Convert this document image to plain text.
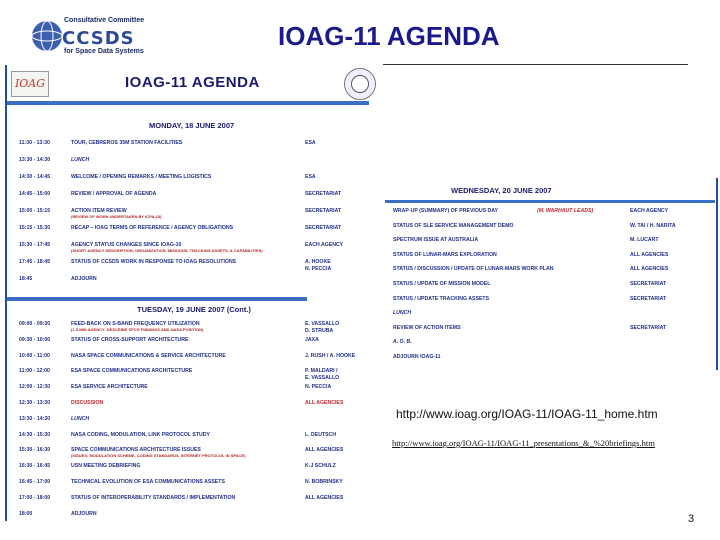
Consultative Committee
CCSDS
for Space Data Systems
IOAG-11 AGENDA
IOAG	IOAG-11 AGENDA
MONDAY, 18 JUNE 2007
11:30 - 13:30	TOUR, CEBREROS 35M STATION FACILITIES	ESA
13:30 - 14:30	LUNCH
14:30 - 14:45	WELCOME / OPENING REMARKS / MEETING LOGISTICS	ESA
14:45 - 15:00	REVIEW / APPROVAL OF AGENDA	SECRETARIAT
15:00 - 15:15	ACTION ITEM REVIEW	SECRETARIAT
(REVIEW OF WORK UNDERTAKEN BY ICPA-10)
15:15 - 15:30	RECAP – IOAG TERMS OF REFERENCE / AGENCY OBLIGATIONS	SECRETARIAT
15:30 - 17:45	AGENCY STATUS CHANGES SINCE IOAG-10	EACH AGENCY
(SHORT AGENCY DESCRIPTION, ORGANIZATION, MISSIONS, TRACKING ASSETS, & CAPABILITIES)
17:45 - 18:45	STATUS OF CCSDS WORK IN RESPONSE TO IOAG RESOLUTIONS	A. HOOKE
N. PECCIA
18:45	ADJOURN
TUESDAY, 19 JUNE 2007 (Cont.)
09:00 - 09:30	FEED-BACK ON S-BAND FREQUENCY UTILIZATION	E. VASSALLO
(1-5 MIN AGENCY: DESCRIBE SFCG FINDINGS AND NASA POSITION)	D. STRUBA
09:30 - 10:00	STATUS OF CROSS-SUPPORT ARCHITECTURE	JAXA
10:00 - 11:00	NASA SPACE COMMUNICATIONS & SERVICE ARCHITECTURE	J. RUSH / A. HOOKE
11:00 - 12:00	ESA SPACE COMMUNICATIONS ARCHITECTURE	P. MALDARI /
E. VASSALLO
12:00 - 12:30	ESA SERVICE ARCHITECTURE	N. PECCIA
12:30 - 13:30	DISCUSSION	ALL AGENCIES
13:30 - 14:30	LUNCH
14:30 - 15:30	NASA CODING, MODULATION, LINK PROTOCOL STUDY	L. DEUTSCH
15:30 - 16:30	SPACE COMMUNICATIONS ARCHITECTURE ISSUES	ALL AGENCIES
(ISSUES: MODULATION SCHEME, CODING STANDARDS, INTERNET PROTOCOL IN SPACE)
16:30 - 16:45	USN MEETING DEBRIEFING	K-J SCHULZ
16:45 - 17:00	TECHNICAL EVOLUTION OF ESA COMMUNICATIONS ASSETS	N. BOBRINSKY
17:00 - 18:00	STATUS OF INTEROPERABILITY STANDARDS / IMPLEMENTATION	ALL AGENCIES
18:00	ADJOURN
WEDNESDAY, 20 JUNE 2007
WRAP-UP (SUMMARY) OF PREVIOUS DAY	(M. WARHAUT LEADS)	EACH AGENCY
STATUS OF SLE SERVICE MANAGEMENT DEMO	W. TAI / H. NARITA
SPECTRUM ISSUE AT AUSTRALIA	M. LUCART
STATUS OF LUNAR-MARS EXPLORATION	ALL AGENCIES
STATUS / DISCUSSION / UPDATE OF LUNAR-MARS WORK PLAN	ALL AGENCIES
STATUS / UPDATE OF MISSION MODEL	SECRETARIAT
STATUS / UPDATE TRACKING ASSETS	SECRETARIAT
LUNCH
REVIEW OF ACTION ITEMS	SECRETARIAT
A. O. B.
ADJOURN IOAG-11
http://www.ioag.org/IOAG-11/IOAG-11_home.htm
http://www.ioag.org/IOAG-11/IOAG-11_presentations_&_%20briefings.htm
3
